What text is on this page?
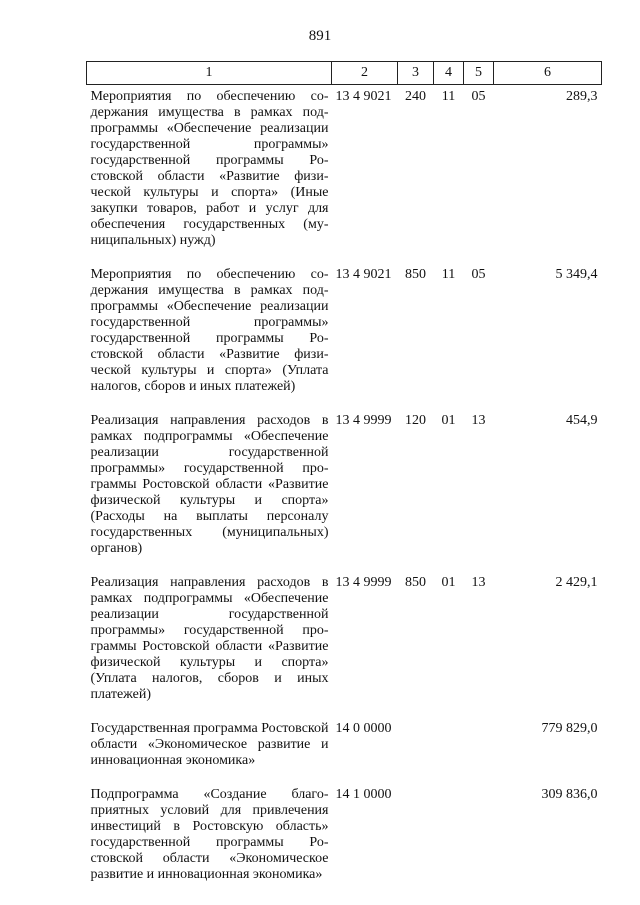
891
1	2	3	4	5	6
Мероприятия по обеспечению содержания имущества в рамках подпрограммы «Обеспечение реализации государственной программы» государственной программы Ростовской области «Развитие физической культуры и спорта» (Иные закупки товаров, работ и услуг для обеспечения государственных (муниципальных) нужд)	13 4 9021	240	11	05	289,3
Мероприятия по обеспечению содержания имущества в рамках подпрограммы «Обеспечение реализации государственной программы» государственной программы Ростовской области «Развитие физической культуры и спорта» (Уплата налогов, сборов и иных платежей)	13 4 9021	850	11	05	5 349,4
Реализация направления расходов в рамках подпрограммы «Обеспечение реализации государственной программы» государственной программы Ростовской области «Развитие физической культуры и спорта» (Расходы на выплаты персоналу государственных (муниципальных) органов)	13 4 9999	120	01	13	454,9
Реализация направления расходов в рамках подпрограммы «Обеспечение реализации государственной программы» государственной программы Ростовской области «Развитие физической культуры и спорта» (Уплата налогов, сборов и иных платежей)	13 4 9999	850	01	13	2 429,1
Государственная программа Ростовской области «Экономическое развитие и инновационная экономика»	14 0 0000				779 829,0
Подпрограмма «Создание благоприятных условий для привлечения инвестиций в Ростовскую область» государственной программы Ростовской области «Экономическое развитие и инновационная экономика»	14 1 0000				309 836,0
